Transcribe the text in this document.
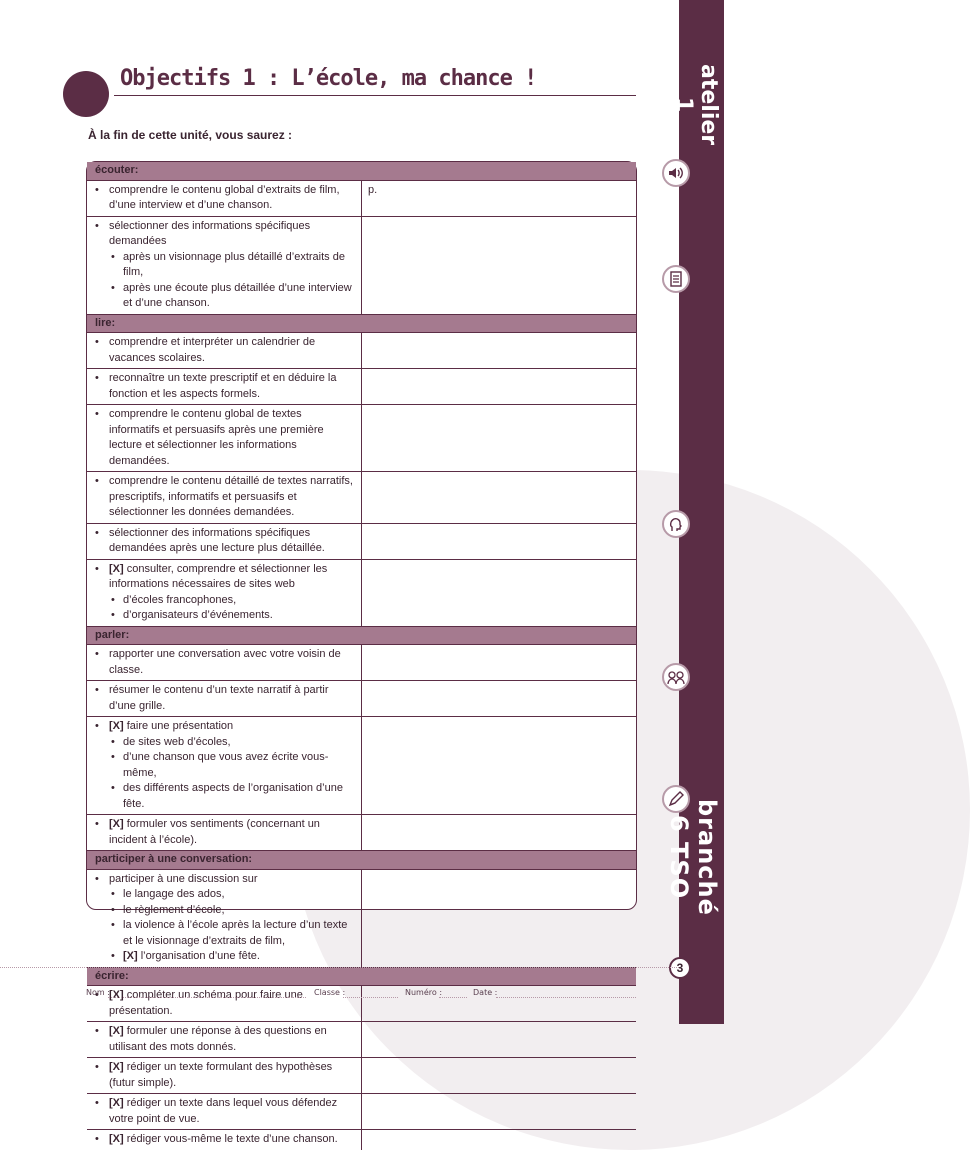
atelier 1
branché 6 TSO
3
Objectifs 1 : L’école, ma chance !
À la fin de cette unité, vous saurez :
écouter:	

• comprendre le contenu global d’extraits de film, d’une interview et d’une chanson.	p.

• sélectionner des informations spécifiques demandées
• après un visionnage plus détaillé d’extraits de film,
• après une écoute plus détaillée d’une interview et d’une chanson.

lire:	

• comprendre et interpréter un calendrier de vacances scolaires.

• reconnaître un texte prescriptif et en déduire la fonction et les aspects formels.

• comprendre le contenu global de textes informatifs et persuasifs après une première lecture et sélectionner les informations demandées.

• comprendre le contenu détaillé de textes narratifs, prescriptifs, informatifs et persuasifs et sélectionner les données demandées.

• sélectionner des informations spécifiques demandées après une lecture plus détaillée.

• [X] consulter, comprendre et sélectionner les informations nécessaires de sites web
• d’écoles francophones,
• d’organisateurs d’événements.

parler:	

• rapporter une conversation avec votre voisin de classe.

• résumer le contenu d’un texte narratif à partir d’une grille.

• [X] faire une présentation
• de sites web d’écoles,
• d’une chanson que vous avez écrite vous-même,
• des différents aspects de l’organisation d’une fête.

• [X] formuler vos sentiments (concernant un incident à l’école).

participer à une conversation:	

• participer à une discussion sur
• le langage des ados,
• le règlement d’école,
• la violence à l’école après la lecture d’un texte et le visionnage d’extraits de film,
• [X] l’organisation d’une fête.

écrire:	

• [X] compléter un schéma pour faire une présentation.

• [X] formuler une réponse à des questions en utilisant des mots donnés.

• [X] rédiger un texte formulant des hypothèses (futur simple).

• [X] rédiger un texte dans lequel vous défendez votre point de vue.

• [X] rédiger vous-même le texte d’une chanson.

Nom :	Classe :	Numéro :	Date :
